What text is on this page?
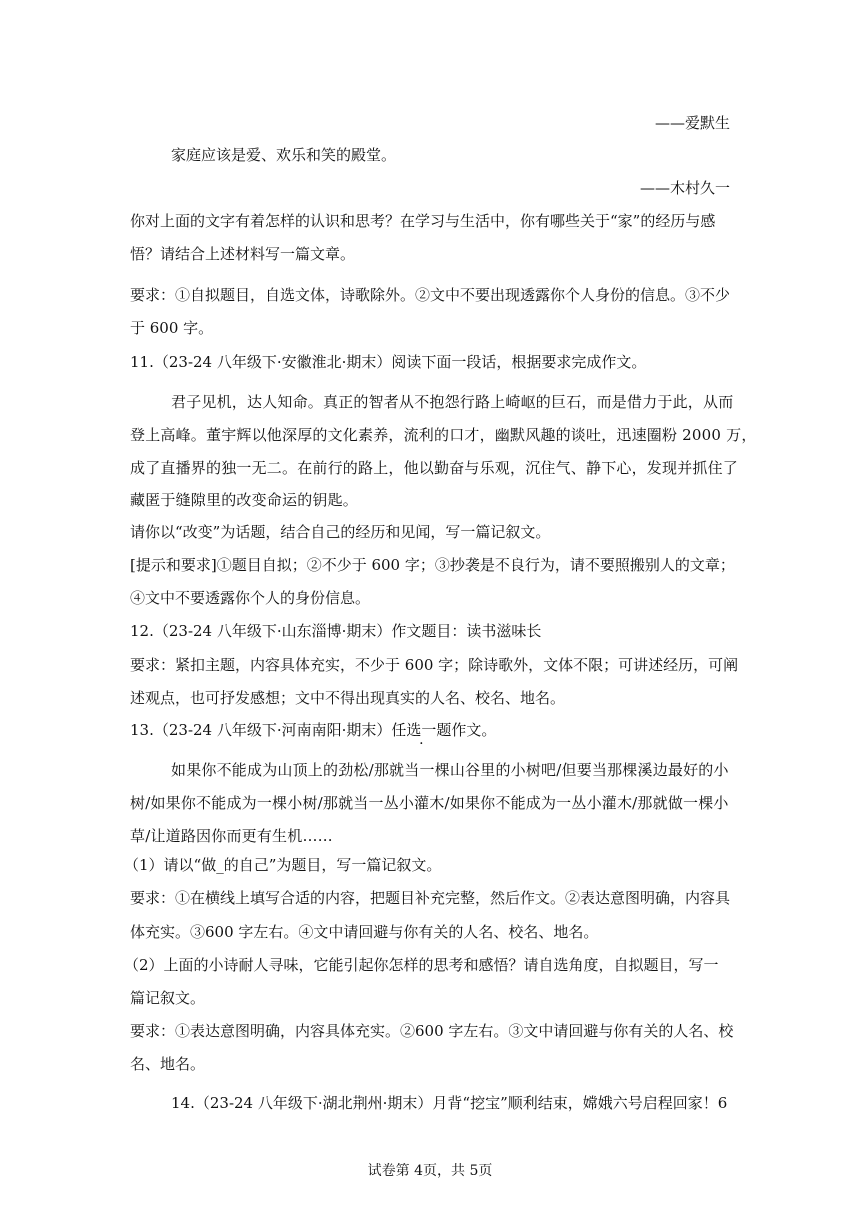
——爱默生
家庭应该是爱、欢乐和笑的殿堂。
——木村久一
你对上面的文字有着怎样的认识和思考？在学习与生活中，你有哪些关于“家”的经历与感
悟？请结合上述材料写一篇文章。
要求：①自拟题目，自选文体，诗歌除外。②文中不要出现透露你个人身份的信息。③不少
于 600 字。
11.（23-24 八年级下·安徽淮北·期末）阅读下面一段话，根据要求完成作文。
君子见机，达人知命。真正的智者从不抱怨行路上崎岖的巨石，而是借力于此，从而
登上高峰。董宇辉以他深厚的文化素养，流利的口才，幽默风趣的谈吐，迅速圈粉 2000 万，
成了直播界的独一无二。在前行的路上，他以勤奋与乐观，沉住气、静下心，发现并抓住了
藏匿于缝隙里的改变命运的钥匙。
请你以“改变”为话题，结合自己的经历和见闻，写一篇记叙文。
[提示和要求]①题目自拟；②不少于 600 字；③抄袭是不良行为，请不要照搬别人的文章；
④文中不要透露你个人的身份信息。
12.（23-24 八年级下·山东淄博·期末）作文题目：读书滋味长
要求：紧扣主题，内容具体充实，不少于 600 字；除诗歌外，文体不限；可讲述经历，可阐
述观点，也可抒发感想；文中不得出现真实的人名、校名、地名。
13.（23-24 八年级下·河南南阳·期末）任选一题作文。
如果你不能成为山顶上的劲松/那就当一棵山谷里的小树吧/但要当那棵溪边最好的小
树/如果你不能成为一棵小树/那就当一丛小灌木/如果你不能成为一丛小灌木/那就做一棵小
草/让道路因你而更有生机……
（1）请以“做_的自己”为题目，写一篇记叙文。
要求：①在横线上填写合适的内容，把题目补充完整，然后作文。②表达意图明确，内容具
体充实。③600 字左右。④文中请回避与你有关的人名、校名、地名。
（2）上面的小诗耐人寻味，它能引起你怎样的思考和感悟？请自选角度，自拟题目，写一
篇记叙文。
要求：①表达意图明确，内容具体充实。②600 字左右。③文中请回避与你有关的人名、校
名、地名。
14.（23-24 八年级下·湖北荆州·期末）月背“挖宝”顺利结束，嫦娥六号启程回家！6
试卷第 4页，共 5页
